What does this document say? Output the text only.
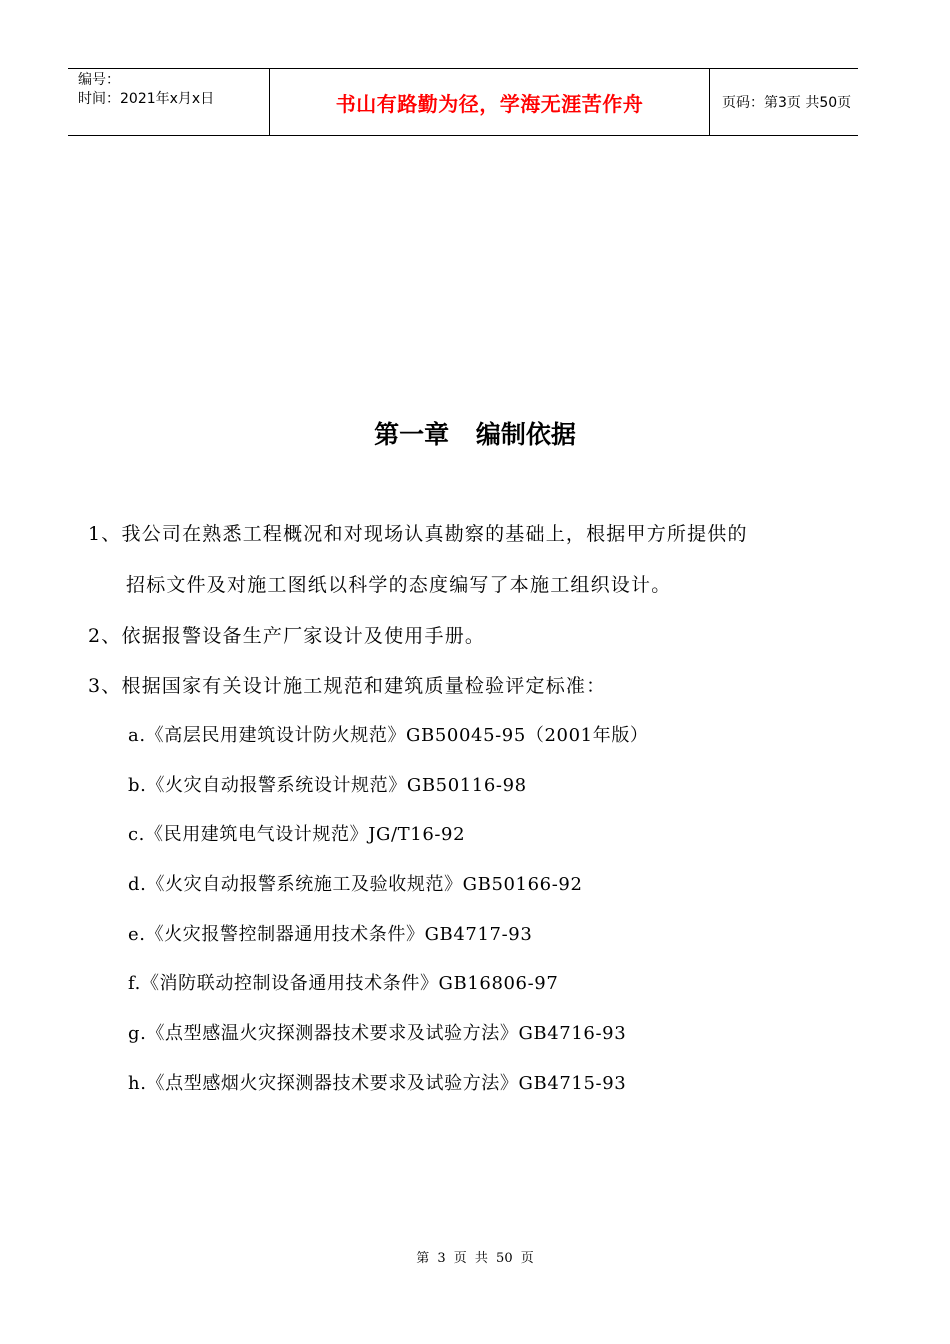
编号：
时间：2021年x月x日	书山有路勤为径，学海无涯苦作舟	页码：第3页 共50页
第一章 编制依据
1、我公司在熟悉工程概况和对现场认真勘察的基础上，根据甲方所提供的
招标文件及对施工图纸以科学的态度编写了本施工组织设计。
2、依据报警设备生产厂家设计及使用手册。
3、根据国家有关设计施工规范和建筑质量检验评定标准：
a.《高层民用建筑设计防火规范》GB50045-95（2001年版）
b.《火灾自动报警系统设计规范》GB50116-98
c.《民用建筑电气设计规范》JG/T16-92
d.《火灾自动报警系统施工及验收规范》GB50166-92
e.《火灾报警控制器通用技术条件》GB4717-93
f.《消防联动控制设备通用技术条件》GB16806-97
g.《点型感温火灾探测器技术要求及试验方法》GB4716-93
h.《点型感烟火灾探测器技术要求及试验方法》GB4715-93
第 3 页 共 50 页
